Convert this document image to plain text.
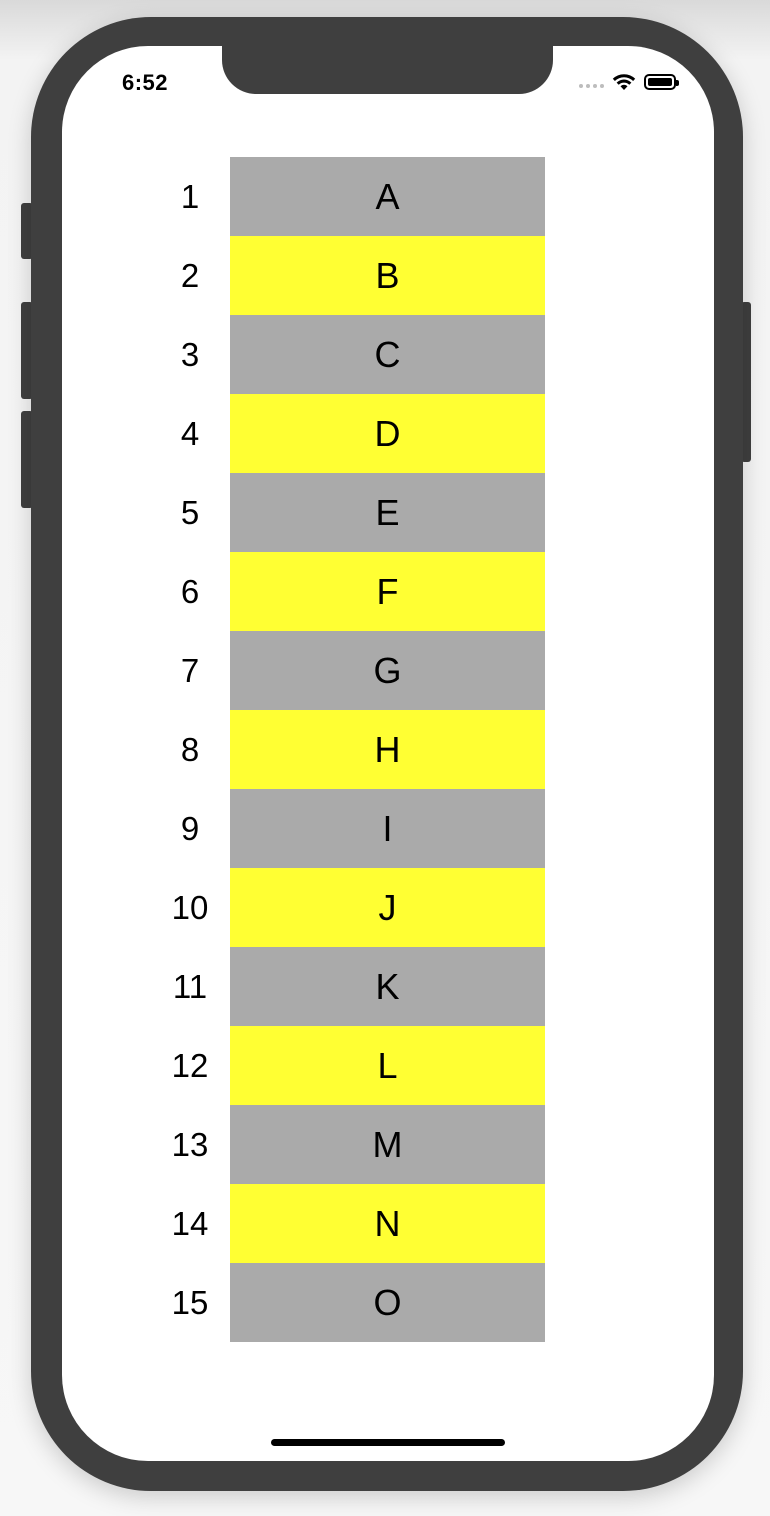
6:52
1	A
2	B
3	C
4	D
5	E
6	F
7	G
8	H
9	I
10	J
11	K
12	L
13	M
14	N
15	O
